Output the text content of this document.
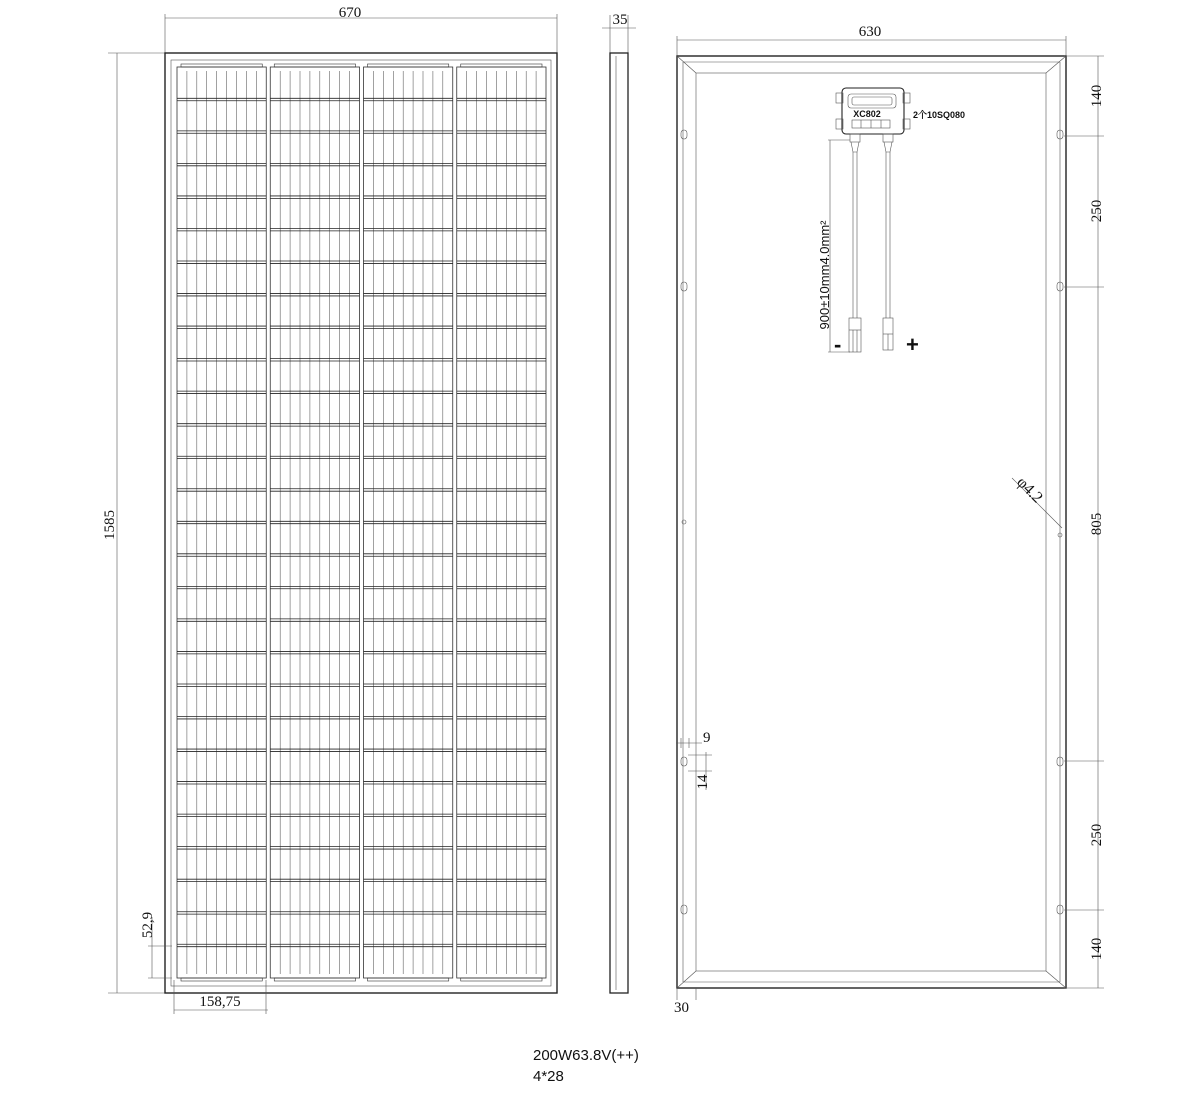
670
1585
52,9
158,75
35
630
XC802	2个10SQ080
900±10mm4.0mm²
-	+
φ4.2
9
14
30
140
250
805
250
140
200W63.8V(++)
4*28
